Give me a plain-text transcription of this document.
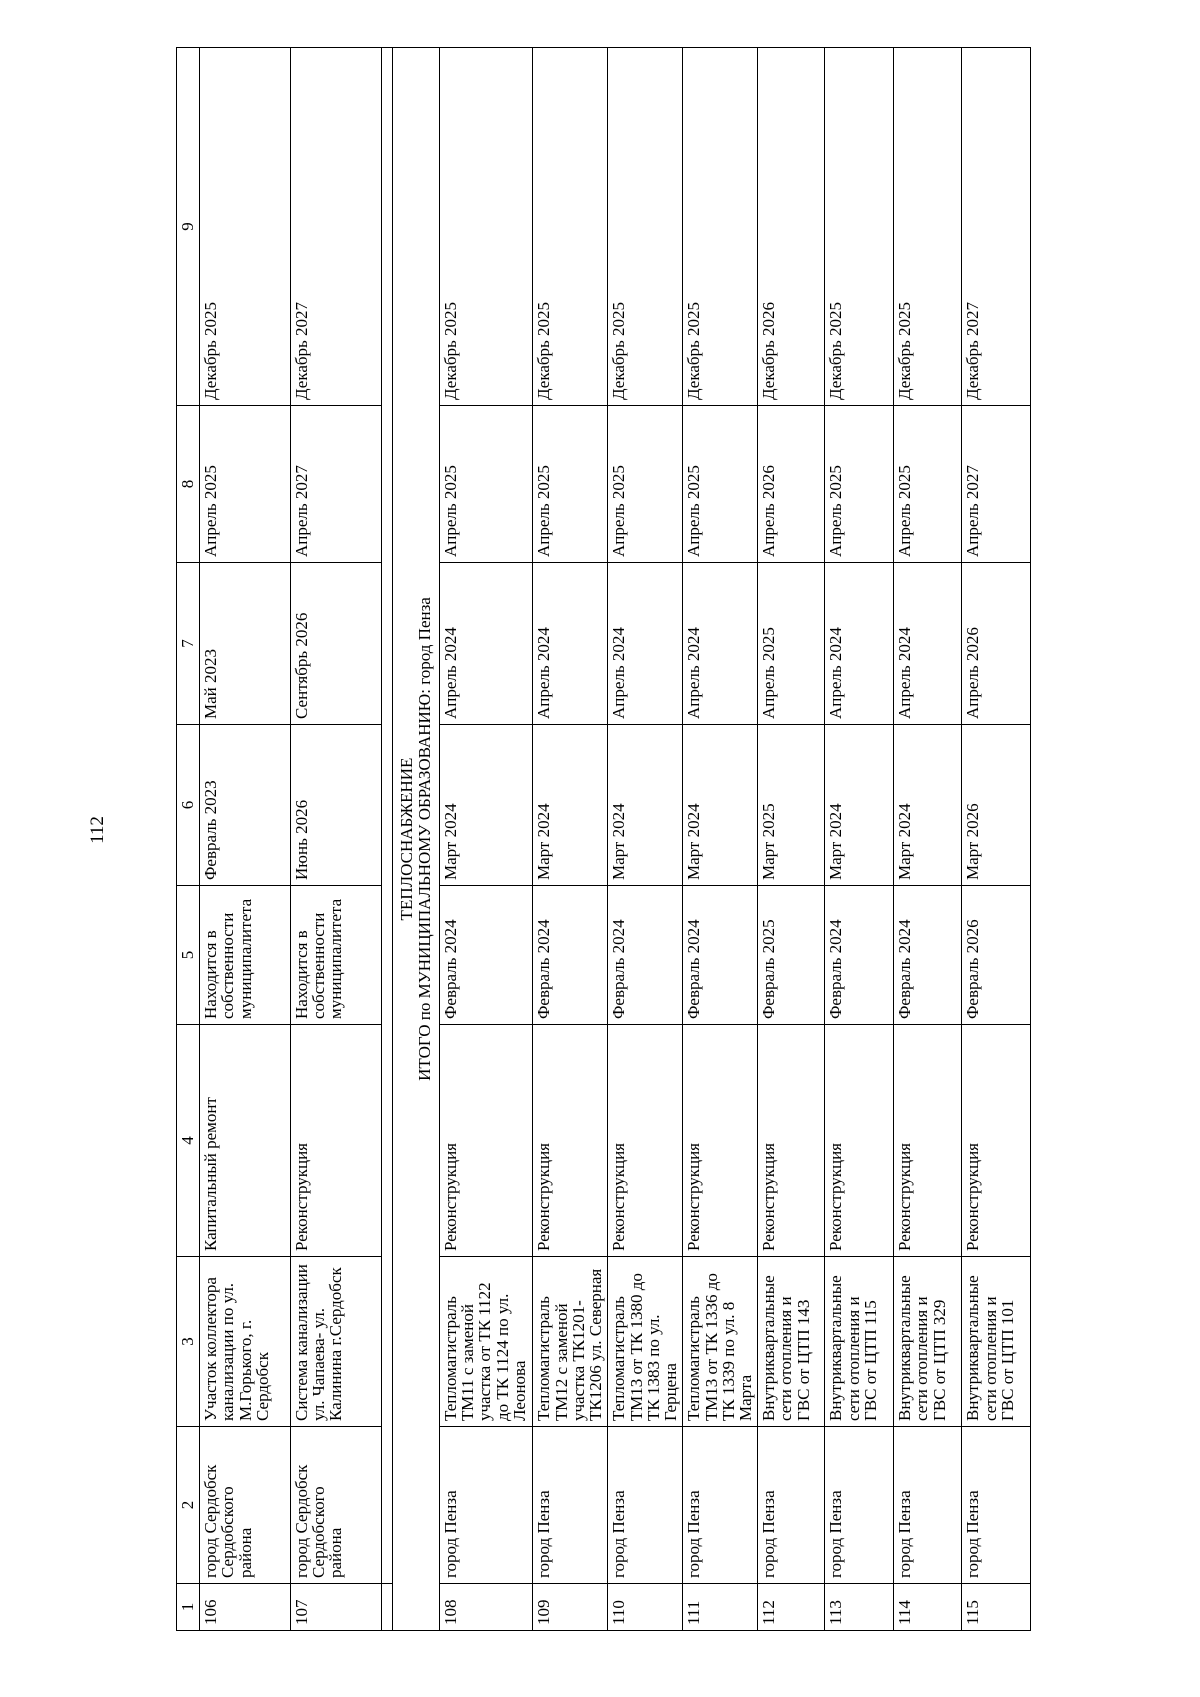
112
1	2	3	4	5	6	7	8	9
106	город Сердобск Сердобского района	Участок коллектора канализации по ул. М.Горького, г. Сердобск	Капитальный ремонт	Находится в собственности муниципалитета	Февраль 2023	Май 2023	Апрель 2025	Декабрь 2025
107	город Сердобск Сердобского района	Система канализации ул. Чапаева- ул. Калинина г.Сердобск	Реконструкция	Находится в собственности муниципалитета	Июнь 2026	Сентябрь 2026	Апрель 2027	Декабрь 2027

ТЕПЛОСНАБЖЕНИЕ
ИТОГО по МУНИЦИПАЛЬНОМУ ОБРАЗОВАНИЮ: город Пенза								

108	город Пенза	Тепломагистраль ТМ11 с заменой участка от ТК 1122 до ТК 1124 по ул. Леонова	Реконструкция	Февраль 2024	Март 2024	Апрель 2024	Апрель 2025	Декабрь 2025
109	город Пенза	Тепломагистраль ТМ12 с заменой участка ТК1201-ТК1206 ул. Северная	Реконструкция	Февраль 2024	Март 2024	Апрель 2024	Апрель 2025	Декабрь 2025
110	город Пенза	Тепломагистраль ТМ13 от ТК 1380 до ТК 1383 по ул. Герцена	Реконструкция	Февраль 2024	Март 2024	Апрель 2024	Апрель 2025	Декабрь 2025
111	город Пенза	Тепломагистраль ТМ13 от ТК 1336 до ТК 1339 по ул. 8 Марта	Реконструкция	Февраль 2024	Март 2024	Апрель 2024	Апрель 2025	Декабрь 2025
112	город Пенза	Внутриквартальные сети отопления и ГВС от ЦТП 143	Реконструкция	Февраль 2025	Март 2025	Апрель 2025	Апрель 2026	Декабрь 2026
113	город Пенза	Внутриквартальные сети отопления и ГВС от ЦТП 115	Реконструкция	Февраль 2024	Март 2024	Апрель 2024	Апрель 2025	Декабрь 2025
114	город Пенза	Внутриквартальные сети отопления и ГВС от ЦТП 329	Реконструкция	Февраль 2024	Март 2024	Апрель 2024	Апрель 2025	Декабрь 2025
115	город Пенза	Внутриквартальные сети отопления и ГВС от ЦТП 101	Реконструкция	Февраль 2026	Март 2026	Апрель 2026	Апрель 2027	Декабрь 2027
